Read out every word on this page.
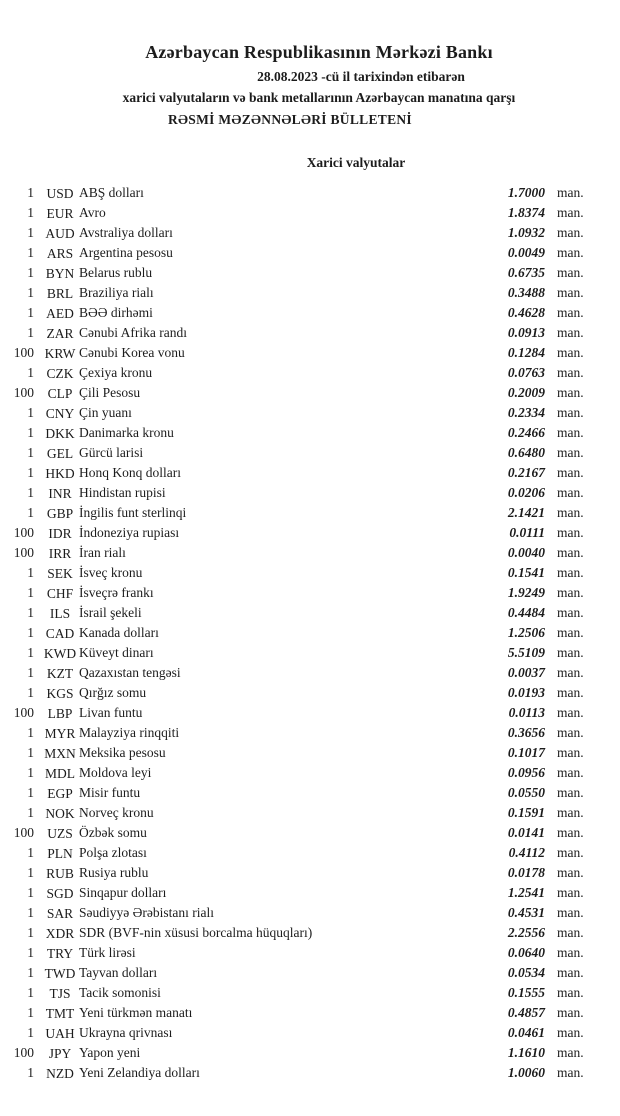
Azərbaycan Respublikasının Mərkəzi Bankı
28.08.2023 -cü il tarixindən etibarən
xarici valyutaların və bank metallarının Azərbaycan manatına qarşı
RƏSMİ MƏZƏNNƏLƏRİ BÜLLETENİ
Xarici valyutalar
1 USD ABŞ dolları	1.7000 man.
1 EUR Avro	1.8374 man.
1 AUD Avstraliya dolları	1.0932 man.
1 ARS Argentina pesosu	0.0049 man.
1 BYN Belarus rublu	0.6735 man.
1 BRL Braziliya rialı	0.3488 man.
1 AED BƏƏ dirhəmi	0.4628 man.
1 ZAR Cənubi Afrika randı	0.0913 man.
100 KRW Cənubi Korea vonu	0.1284 man.
1 CZK Çexiya kronu	0.0763 man.
100	CLP Çili Pesosu	0.2009 man.
1 CNY Çin yuanı	0.2334 man.
1 DKK Danimarka kronu	0.2466 man.
1 GEL Gürcü larisi	0.6480 man.
1 HKD Honq Konq dolları	0.2167 man.
1	INR Hindistan rupisi	0.0206 man.
1 GBP İngilis funt sterlinqi	2.1421 man.
100	IDR İndoneziya rupiası	0.0111 man.
100	IRR İran rialı	0.0040 man.
1 SEK İsveç kronu	0.1541 man.
1 CHF İsveçrə frankı	1.9249 man.
1	ILS İsrail şekeli	0.4484 man.
1 CAD Kanada dolları	1.2506 man.
1 KWD Küveyt dinarı	5.5109 man.
1 KZT Qazaxıstan tengəsi	0.0037 man.
1 KGS Qırğız somu	0.0193 man.
100	LBP Livan funtu	0.0113 man.
1 MYR Malayziya rinqqiti	0.3656 man.
1 MXN Meksika pesosu	0.1017 man.
1 MDL Moldova leyi	0.0956 man.
1 EGP Misir funtu	0.0550 man.
1 NOK Norveç kronu	0.1591 man.
100 UZS Özbək somu	0.0141 man.
1 PLN Polşa zlotası	0.4112 man.
1 RUB Rusiya rublu	0.0178 man.
1 SGD Sinqapur dolları	1.2541 man.
1 SAR Səudiyyə Ərəbistanı rialı	0.4531 man.
1 XDR SDR (BVF-nin xüsusi borcalma hüquqları)	2.2556 man.
1 TRY Türk lirəsi	0.0640 man.
1 TWD Tayvan dolları	0.0534 man.
1	TJS Tacik somonisi	0.1555 man.
1 TMT Yeni türkmən manatı	0.4857 man.
1 UAH Ukrayna qrivnası	0.0461 man.
100	JPY Yapon yeni	1.1610 man.
1 NZD Yeni Zelandiya dolları	1.0060 man.
